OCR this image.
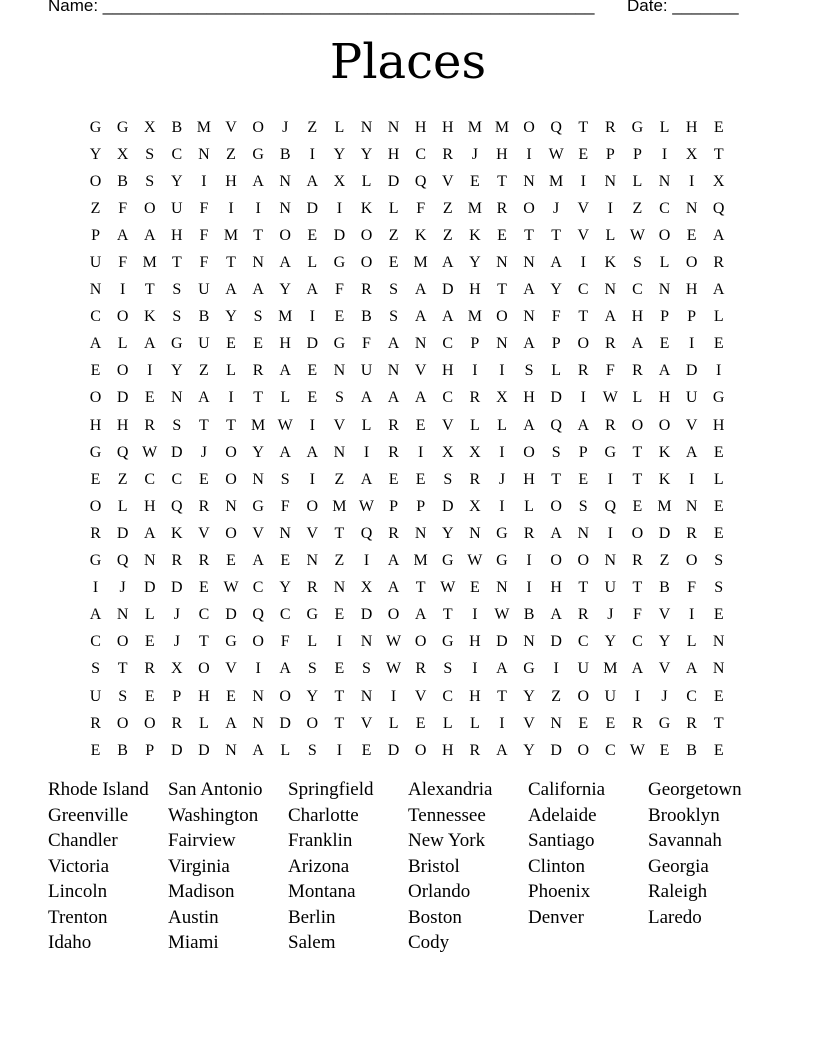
Name: ____________________________________________________ Date: _______
Places
G G X B M V O	J	Z	L	N N H H M M O Q	T	R G	L	H	E
Y X	S	C N	Z	G B	I	Y Y H C	R	J	H	I	W E	P	P	I	X	T
O B	S	Y	I	H A N A X	L	D Q V	E	T	N M	I	N	L	N	I	X
Z	F	O U	F	I	I	N D	I	K	L	F	Z M R O	J	V	I	Z	C N Q
P	A A H	F M T	O	E	D O	Z	K	Z	K	E	T	T	V	L W O	E	A
U	F M T	F	T	N A	L	G O	E M A Y N N A	I	K	S	L	O R
N	I	T	S	U A A Y A	F	R	S	A D H	T	A Y C N C N H A
C O K	S	B Y	S M	I	E	B	S	A A M O N	F	T	A H	P	P	L
A	L	A G U	E	E	H D G	F	A N C	P	N A	P	O R A	E	I	E
E	O	I	Y	Z	L	R A	E	N U N V H	I	I	S	L	R	F	R A D	I
O D	E	N A	I	T	L	E	S	A A A C	R X H D	I	W L	H U G
H H R	S	T	T M W	I	V	L	R	E	V	L	L	A Q A R O O V H
G Q W D	J	O Y A A N	I	R	I	X X	I	O	S	P	G	T	K A	E
E	Z	C	C	E	O N	S	I	Z	A	E	E	S	R	J	H	T	E	I	T	K	I	L
O	L	H Q R N G	F	O M W P	P	D X	I	L	O	S	Q	E M N	E
R D A K V O V N V	T	Q R N Y N G R A N	I	O D R	E
G Q N R	R	E	A	E	N	Z	I	A M G W G	I	O O N R	Z	O	S
I	J	D D	E W C Y R N X A	T W E	N	I	H	T	U	T	B	F	S
A N	L	J	C D Q C G	E	D O A	T	I	W B A R	J	F	V	I	E
C O	E	J	T	G O	F	L	I	N W O G H D N D C Y C Y	L	N
S	T	R X O V	I	A	S	E	S W R	S	I	A G	I	U M A V A N
U	S	E	P	H	E	N O Y	T	N	I	V C H	T	Y	Z	O U	I	J	C	E
R O O R	L	A N D O	T	V	L	E	L	L	I	V N	E	E	R G R	T
E	B	P	D D N A	L	S	I	E	D O H R A Y D O C W E	B	E
Rhode Island	San Antonio	Springfield	Alexandria	California	Georgetown
Greenville	Washington	Charlotte	Tennessee	Adelaide	Brooklyn
Chandler	Fairview	Franklin	New York	Santiago	Savannah
Victoria	Virginia	Arizona	Bristol	Clinton	Georgia
Lincoln	Madison	Montana	Orlando	Phoenix	Raleigh
Trenton	Austin	Berlin	Boston	Denver	Laredo
Idaho	Miami	Salem	Cody
